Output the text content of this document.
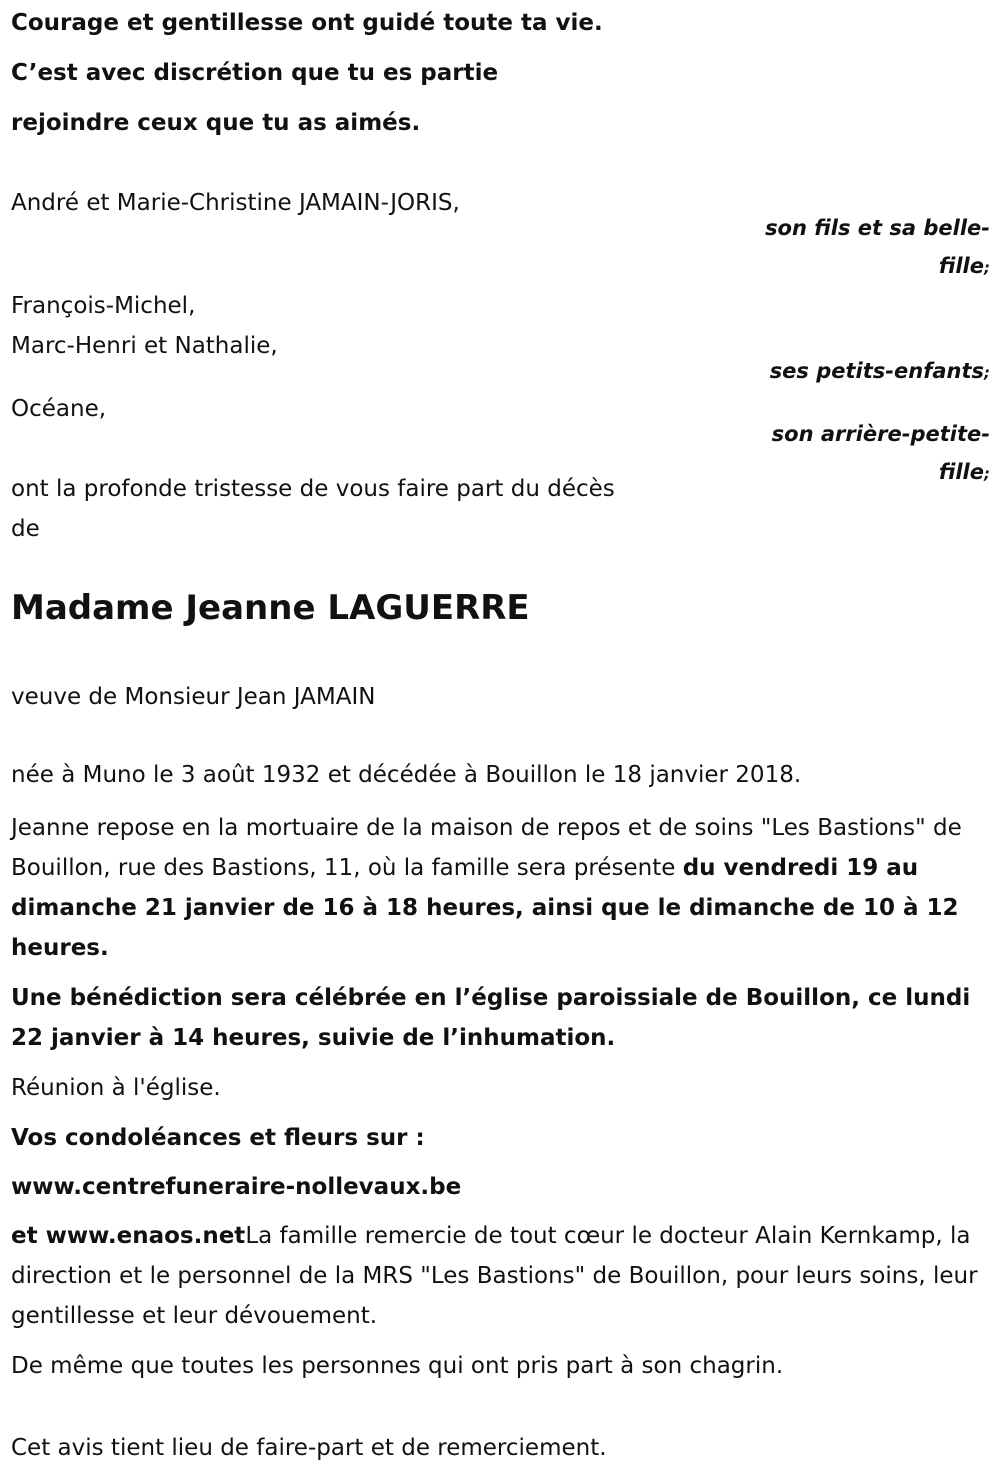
Courage et gentillesse ont guidé toute ta vie.

C’est avec discrétion que tu es partie

rejoindre ceux que tu as aimés.

André et Marie-Christine JAMAIN-JORIS,

François-Michel,

Marc-Henri et Nathalie,

Océane,

son fils et sa belle-
fille;
ses petits-enfants;
son arrière-petite-
fille;

ont la profonde tristesse de vous faire part du décès

de

Madame Jeanne LAGUERRE

veuve de Monsieur Jean JAMAIN

née à Muno le 3 août 1932 et décédée à Bouillon le 18 janvier 2018.

Jeanne repose en la mortuaire de la maison de repos et de soins "Les Bastions" de Bouillon, rue des Bastions, 11, où la famille sera présente du vendredi 19 au dimanche 21 janvier de 16 à 18 heures, ainsi que le dimanche de 10 à 12 heures.

Une bénédiction sera célébrée en l’église paroissiale de Bouillon, ce lundi 22 janvier à 14 heures, suivie de l’inhumation.

Réunion à l'église.

Vos condoléances et fleurs sur :

www.centrefuneraire-nollevaux.be

et www.enaos.netLa famille remercie de tout cœur le docteur Alain Kernkamp, la direction et le personnel de la MRS "Les Bastions" de Bouillon, pour leurs soins, leur gentillesse et leur dévouement.

De même que toutes les personnes qui ont pris part à son chagrin.

Cet avis tient lieu de faire-part et de remerciement.
